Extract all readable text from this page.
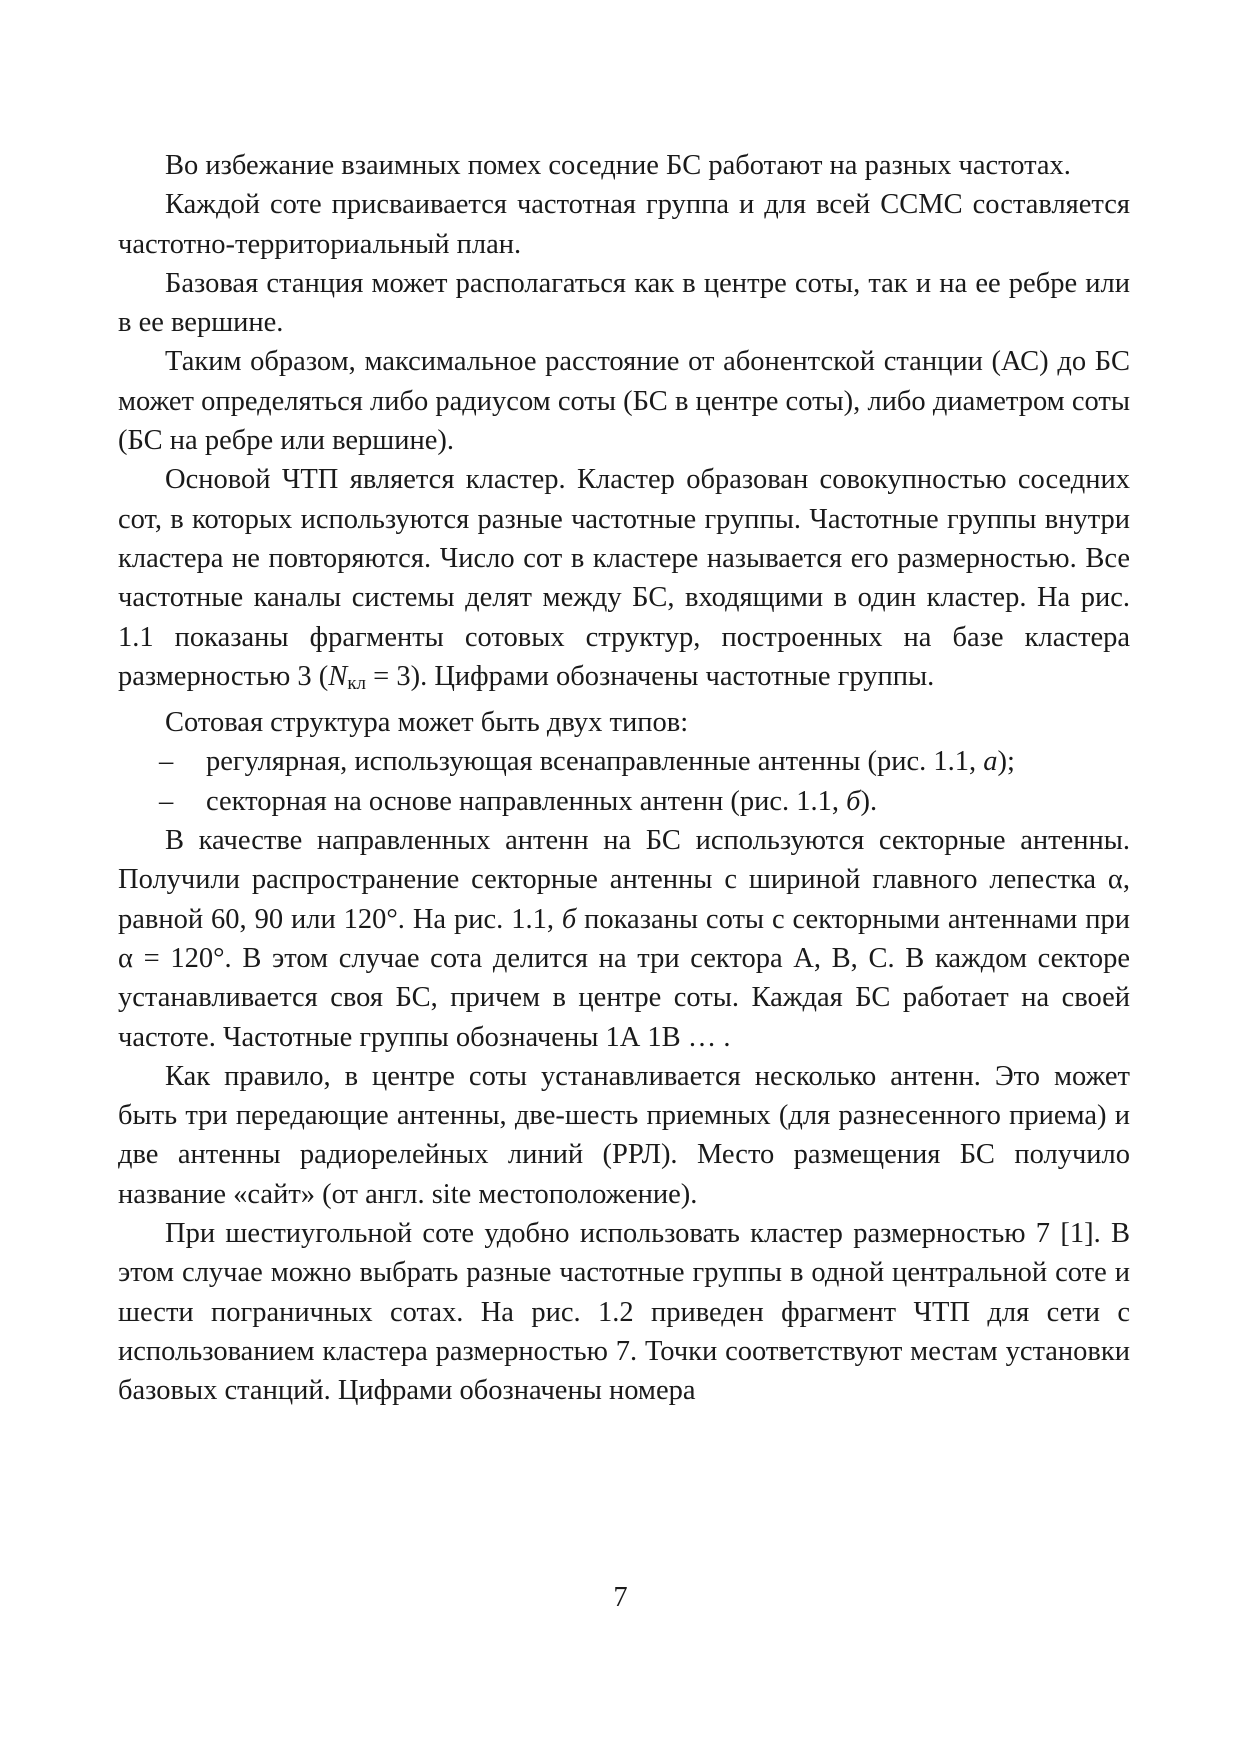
Во избежание взаимных помех соседние БС работают на разных частотах.

Каждой соте присваивается частотная группа и для всей ССМС составляется частотно-территориальный план.

Базовая станция может располагаться как в центре соты, так и на ее ребре или в ее вершине.

Таким образом, максимальное расстояние от абонентской станции (АС) до БС может определяться либо радиусом соты (БС в центре соты), либо диаметром соты (БС на ребре или вершине).

Основой ЧТП является кластер. Кластер образован совокупностью соседних сот, в которых используются разные частотные группы. Частотные группы внутри кластера не повторяются. Число сот в кластере называется его размерностью. Все частотные каналы системы делят между БС, входящими в один кластер. На рис. 1.1 показаны фрагменты сотовых структур, построенных на базе кластера размерностью 3 $(N_{кл} = 3)$. Цифрами обозначены частотные группы.

Сотовая структура может быть двух типов:

– регулярная, использующая всенаправленные антенны (рис. 1.1, а);

– секторная на основе направленных антенн (рис. 1.1, б).

В качестве направленных антенн на БС используются секторные антенны. Получили распространение секторные антенны с шириной главного лепестка α, равной 60, 90 или 120°. На рис. 1.1, б показаны соты с секторными антеннами при α = 120°. В этом случае сота делится на три сектора А, В, С. В каждом секторе устанавливается своя БС, причем в центре соты. Каждая БС работает на своей частоте. Частотные группы обозначены 1А 1В … .

Как правило, в центре соты устанавливается несколько антенн. Это может быть три передающие антенны, две-шесть приемных (для разнесенного приема) и две антенны радиорелейных линий (РРЛ). Место размещения БС получило название «сайт» (от англ. site местоположение).

При шестиугольной соте удобно использовать кластер размерностью 7 [1]. В этом случае можно выбрать разные частотные группы в одной центральной соте и шести пограничных сотах. На рис. 1.2 приведен фрагмент ЧТП для сети с использованием кластера размерностью 7. Точки соответствуют местам установки базовых станций. Цифрами обозначены номера

7
